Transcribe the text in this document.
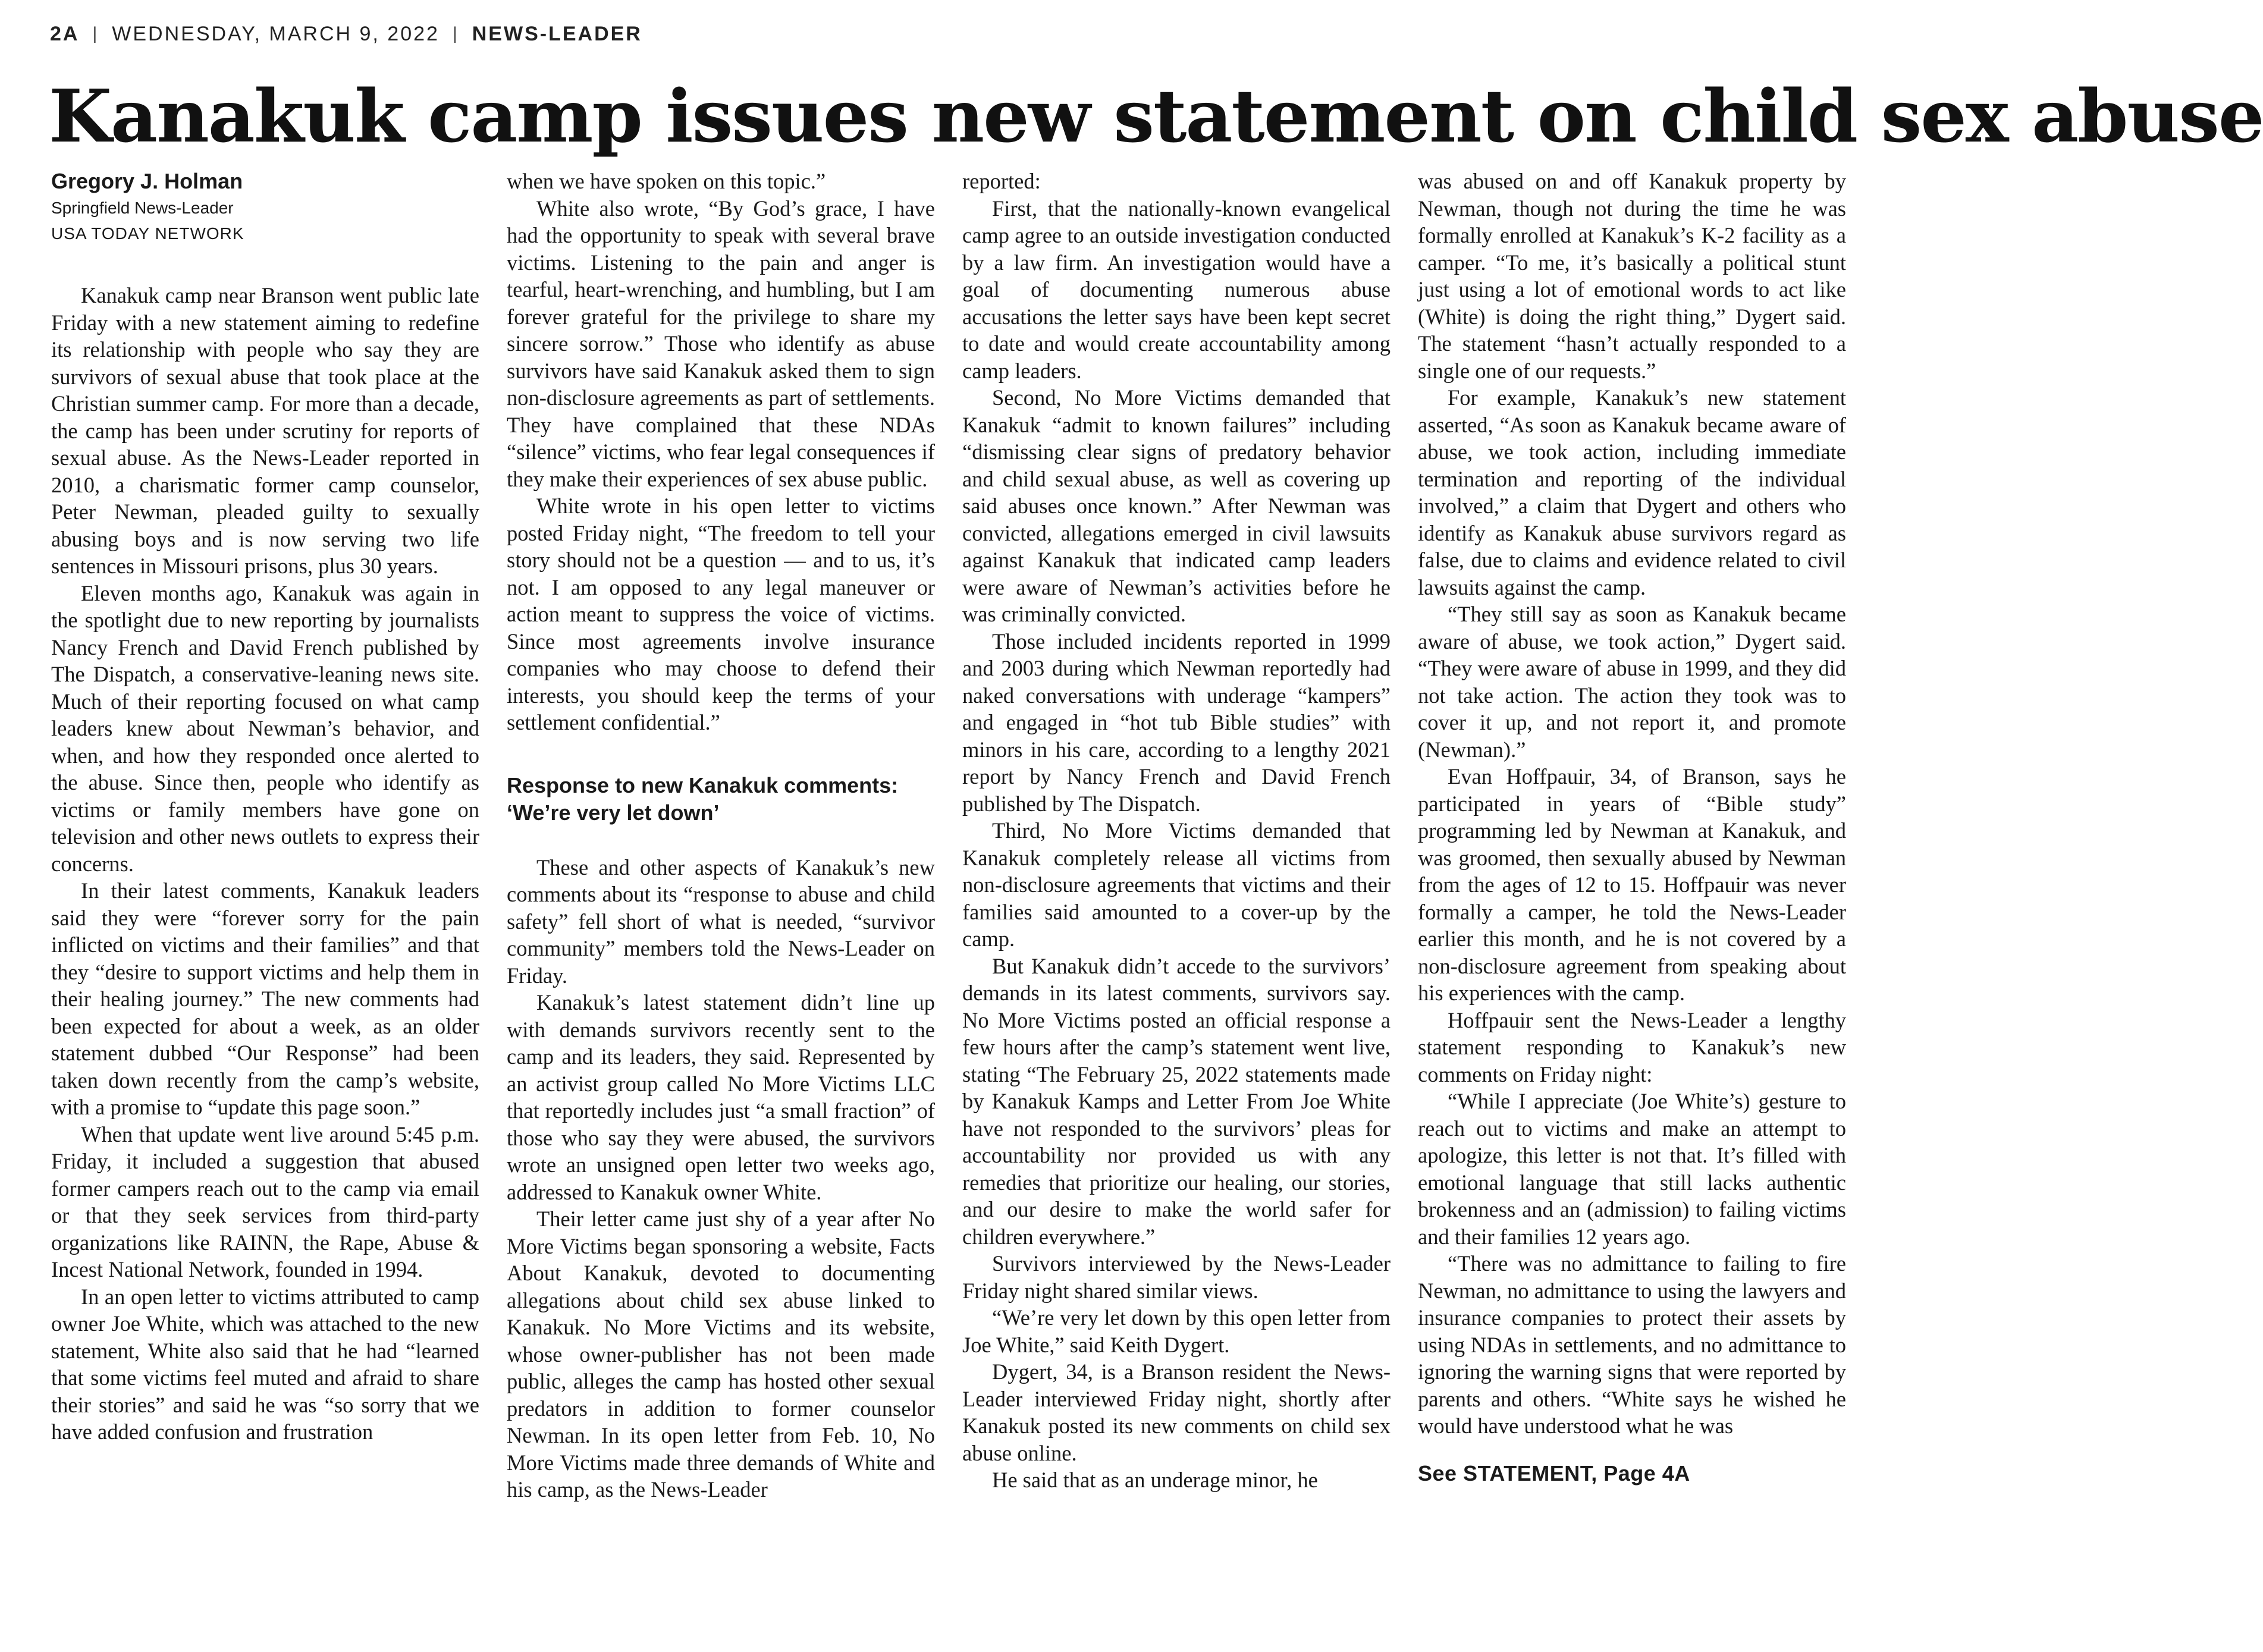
2A | WEDNESDAY, MARCH 9, 2022 | NEWS-LEADER
Kanakuk camp issues new statement on child sex abuse
Gregory J. Holman
Springfield News-Leader
USA TODAY NETWORK

Kanakuk camp near Branson went public late Friday with a new statement aiming to redefine its relationship with people who say they are survivors of sexual abuse that took place at the Christian summer camp. For more than a decade, the camp has been under scrutiny for reports of sexual abuse. As the News-Leader reported in 2010, a charismatic former camp counselor, Peter Newman, pleaded guilty to sexually abusing boys and is now serving two life sentences in Missouri prisons, plus 30 years.

Eleven months ago, Kanakuk was again in the spotlight due to new reporting by journalists Nancy French and David French published by The Dispatch, a conservative-leaning news site. Much of their reporting focused on what camp leaders knew about Newman’s behavior, and when, and how they responded once alerted to the abuse. Since then, people who identify as victims or family members have gone on television and other news outlets to express their concerns.

In their latest comments, Kanakuk leaders said they were “forever sorry for the pain inflicted on victims and their families” and that they “desire to support victims and help them in their healing journey.” The new comments had been expected for about a week, as an older statement dubbed “Our Response” had been taken down recently from the camp’s website, with a promise to “update this page soon.”

When that update went live around 5:45 p.m. Friday, it included a suggestion that abused former campers reach out to the camp via email or that they seek services from third-party organizations like RAINN, the Rape, Abuse & Incest National Network, founded in 1994.

In an open letter to victims attributed to camp owner Joe White, which was attached to the new statement, White also said that he had “learned that some victims feel muted and afraid to share their stories” and said he was “so sorry that we have added confusion and frustration

when we have spoken on this topic.”

White also wrote, “By God’s grace, I have had the opportunity to speak with several brave victims. Listening to the pain and anger is tearful, heart-wrenching, and humbling, but I am forever grateful for the privilege to share my sincere sorrow.” Those who identify as abuse survivors have said Kanakuk asked them to sign non-disclosure agreements as part of settlements. They have complained that these NDAs “silence” victims, who fear legal consequences if they make their experiences of sex abuse public.

White wrote in his open letter to victims posted Friday night, “The freedom to tell your story should not be a question — and to us, it’s not. I am opposed to any legal maneuver or action meant to suppress the voice of victims. Since most agreements involve insurance companies who may choose to defend their interests, you should keep the terms of your settlement confidential.”

Response to new Kanakuk comments: ‘We’re very let down’

These and other aspects of Kanakuk’s new comments about its “response to abuse and child safety” fell short of what is needed, “survivor community” members told the News-Leader on Friday.

Kanakuk’s latest statement didn’t line up with demands survivors recently sent to the camp and its leaders, they said. Represented by an activist group called No More Victims LLC that reportedly includes just “a small fraction” of those who say they were abused, the survivors wrote an unsigned open letter two weeks ago, addressed to Kanakuk owner White.

Their letter came just shy of a year after No More Victims began sponsoring a website, Facts About Kanakuk, devoted to documenting allegations about child sex abuse linked to Kanakuk. No More Victims and its website, whose owner-publisher has not been made public, alleges the camp has hosted other sexual predators in addition to former counselor Newman. In its open letter from Feb. 10, No More Victims made three demands of White and his camp, as the News-Leader

reported:

First, that the nationally-known evangelical camp agree to an outside investigation conducted by a law firm. An investigation would have a goal of documenting numerous abuse accusations the letter says have been kept secret to date and would create accountability among camp leaders.

Second, No More Victims demanded that Kanakuk “admit to known failures” including “dismissing clear signs of predatory behavior and child sexual abuse, as well as covering up said abuses once known.” After Newman was convicted, allegations emerged in civil lawsuits against Kanakuk that indicated camp leaders were aware of Newman’s activities before he was criminally convicted.

Those included incidents reported in 1999 and 2003 during which Newman reportedly had naked conversations with underage “kampers” and engaged in “hot tub Bible studies” with minors in his care, according to a lengthy 2021 report by Nancy French and David French published by The Dispatch.

Third, No More Victims demanded that Kanakuk completely release all victims from non-disclosure agreements that victims and their families said amounted to a cover-up by the camp.

But Kanakuk didn’t accede to the survivors’ demands in its latest comments, survivors say. No More Victims posted an official response a few hours after the camp’s statement went live, stating “The February 25, 2022 statements made by Kanakuk Kamps and Letter From Joe White have not responded to the survivors’ pleas for accountability nor provided us with any remedies that prioritize our healing, our stories, and our desire to make the world safer for children everywhere.”

Survivors interviewed by the News-Leader Friday night shared similar views.

“We’re very let down by this open letter from Joe White,” said Keith Dygert.

Dygert, 34, is a Branson resident the News-Leader interviewed Friday night, shortly after Kanakuk posted its new comments on child sex abuse online.

He said that as an underage minor, he

was abused on and off Kanakuk property by Newman, though not during the time he was formally enrolled at Kanakuk’s K-2 facility as a camper. “To me, it’s basically a political stunt just using a lot of emotional words to act like (White) is doing the right thing,” Dygert said. The statement “hasn’t actually responded to a single one of our requests.”

For example, Kanakuk’s new statement asserted, “As soon as Kanakuk became aware of abuse, we took action, including immediate termination and reporting of the individual involved,” a claim that Dygert and others who identify as Kanakuk abuse survivors regard as false, due to claims and evidence related to civil lawsuits against the camp.

“They still say as soon as Kanakuk became aware of abuse, we took action,” Dygert said. “They were aware of abuse in 1999, and they did not take action. The action they took was to cover it up, and not report it, and promote (Newman).”

Evan Hoffpauir, 34, of Branson, says he participated in years of “Bible study” programming led by Newman at Kanakuk, and was groomed, then sexually abused by Newman from the ages of 12 to 15. Hoffpauir was never formally a camper, he told the News-Leader earlier this month, and he is not covered by a non-disclosure agreement from speaking about his experiences with the camp.

Hoffpauir sent the News-Leader a lengthy statement responding to Kanakuk’s new comments on Friday night:

“While I appreciate (Joe White’s) gesture to reach out to victims and make an attempt to apologize, this letter is not that. It’s filled with emotional language that still lacks authentic brokenness and an (admission) to failing victims and their families 12 years ago.

“There was no admittance to failing to fire Newman, no admittance to using the lawyers and insurance companies to protect their assets by using NDAs in settlements, and no admittance to ignoring the warning signs that were reported by parents and others. “White says he wished he would have understood what he was

See STATEMENT, Page 4A
